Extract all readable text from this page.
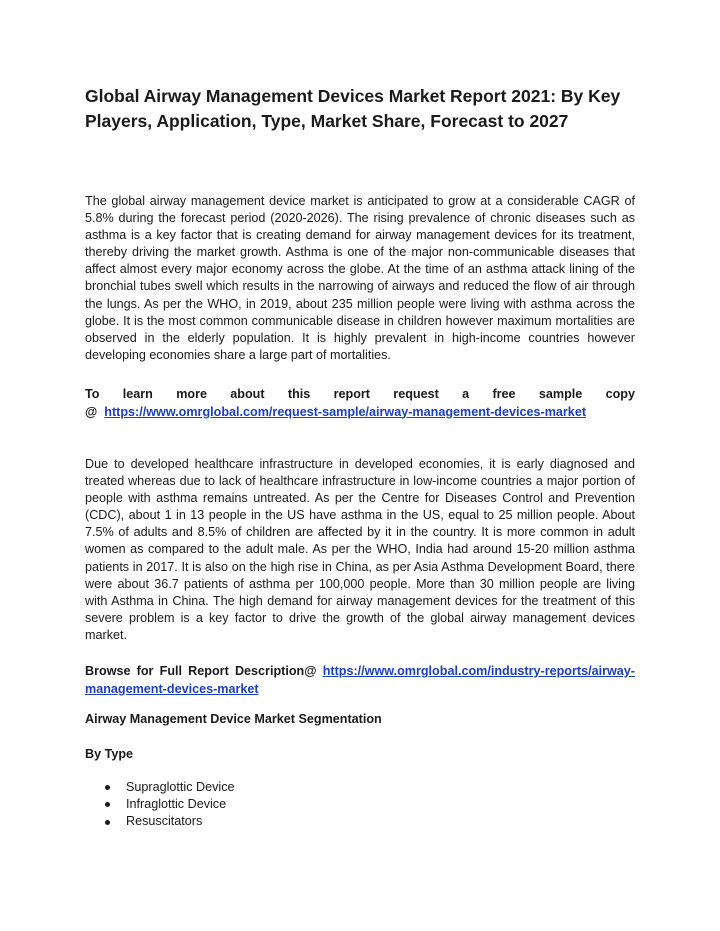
Global Airway Management Devices Market Report 2021: By Key Players, Application, Type, Market Share, Forecast to 2027

The global airway management device market is anticipated to grow at a considerable CAGR of 5.8% during the forecast period (2020-2026). The rising prevalence of chronic diseases such as asthma is a key factor that is creating demand for airway management devices for its treatment, thereby driving the market growth. Asthma is one of the major non-communicable diseases that affect almost every major economy across the globe. At the time of an asthma attack lining of the bronchial tubes swell which results in the narrowing of airways and reduced the flow of air through the lungs. As per the WHO, in 2019, about 235 million people were living with asthma across the globe. It is the most common communicable disease in children however maximum mortalities are observed in the elderly population. It is highly prevalent in high-income countries however developing economies share a large part of mortalities.

To learn more about this report request a free sample copy
@ https://www.omrglobal.com/request-sample/airway-management-devices-market

Due to developed healthcare infrastructure in developed economies, it is early diagnosed and treated whereas due to lack of healthcare infrastructure in low-income countries a major portion of people with asthma remains untreated. As per the Centre for Diseases Control and Prevention (CDC), about 1 in 13 people in the US have asthma in the US, equal to 25 million people. About 7.5% of adults and 8.5% of children are affected by it in the country. It is more common in adult women as compared to the adult male. As per the WHO, India had around 15-20 million asthma patients in 2017. It is also on the high rise in China, as per Asia Asthma Development Board, there were about 36.7 patients of asthma per 100,000 people. More than 30 million people are living with Asthma in China. The high demand for airway management devices for the treatment of this severe problem is a key factor to drive the growth of the global airway management devices market.

Browse for Full Report Description@ https://www.omrglobal.com/industry-reports/airway-management-devices-market

Airway Management Device Market Segmentation

By Type

Supraglottic Device
Infraglottic Device
Resuscitators
